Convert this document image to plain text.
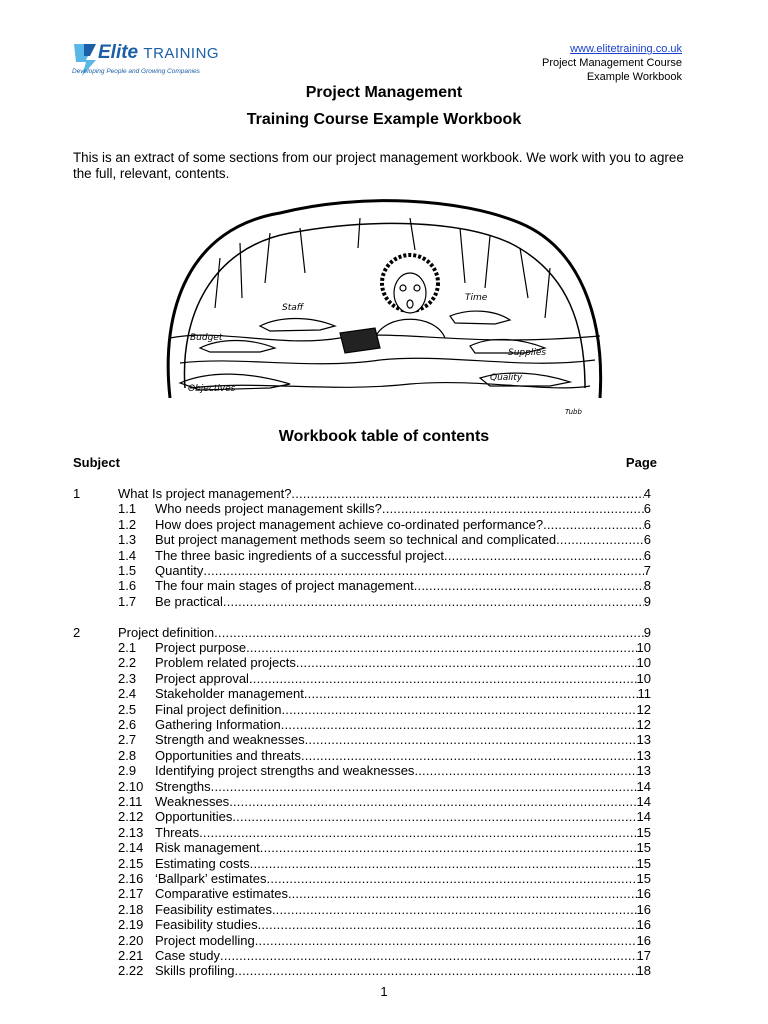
Elite TRAINING
Developing People and Growing Companies
www.elitetraining.co.uk
Project Management Course
Example Workbook
Project Management
Training Course Example Workbook
This is an extract of some sections from our project management workbook. We work with you to agree the full, relevant, contents.
Staff
Time
Budget
Supplies
Quality
Objectives
Tubb
Workbook table of contents
Subject	Page
1	What Is project management? .....	4
1.1	Who needs project management skills? .....	6
1.2	How does project management achieve co-ordinated performance? .....	6
1.3	But project management methods seem so technical and complicated .....	6
1.4	The three basic ingredients of a successful project .....	6
1.5	Quantity .....	7
1.6	The four main stages of project management .....	8
1.7	Be practical .....	9
2	Project definition .....	9
2.1	Project purpose .....	10
2.2	Problem related projects .....	10
2.3	Project approval .....	10
2.4	Stakeholder management .....	11
2.5	Final project definition .....	12
2.6	Gathering Information .....	12
2.7	Strength and weaknesses .....	13
2.8	Opportunities and threats .....	13
2.9	Identifying project strengths and weaknesses .....	13
2.10 Strengths .....	14
2.11 Weaknesses .....	14
2.12 Opportunities .....	14
2.13 Threats .....	15
2.14 Risk management .....	15
2.15 Estimating costs .....	15
2.16 ‘Ballpark’ estimates .....	15
2.17 Comparative estimates. .....	16
2.18 Feasibility estimates. .....	16
2.19 Feasibility studies .....	16
2.20 Project modelling .....	16
2.21 Case study .....	17
2.22 Skills profiling .....	18
1
